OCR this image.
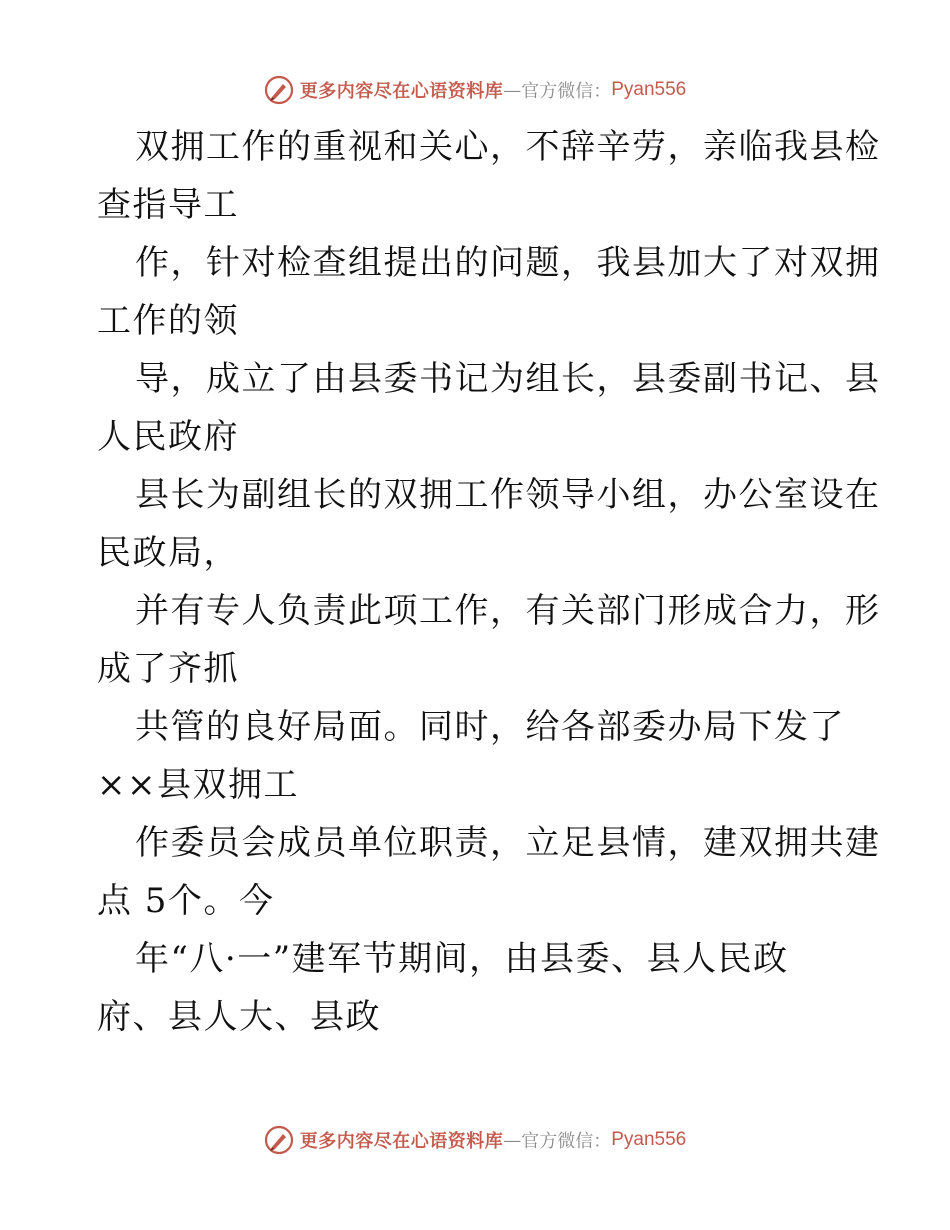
更多内容尽在心语资料库 — 官方微信： Pyan556
双拥工作的重视和关心，不辞辛劳，亲临我县检
查指导工
作，针对检查组提出的问题，我县加大了对双拥
工作的领
导，成立了由县委书记为组长，县委副书记、县
人民政府
县长为副组长的双拥工作领导小组，办公室设在
民政局，
并有专人负责此项工作，有关部门形成合力，形
成了齐抓
共管的良好局面。同时，给各部委办局下发了
××县双拥工
作委员会成员单位职责，立足县情，建双拥共建
点 5个。今
年“八·一”建军节期间，由县委、县人民政
府、县人大、县政
更多内容尽在心语资料库 — 官方微信： Pyan556
